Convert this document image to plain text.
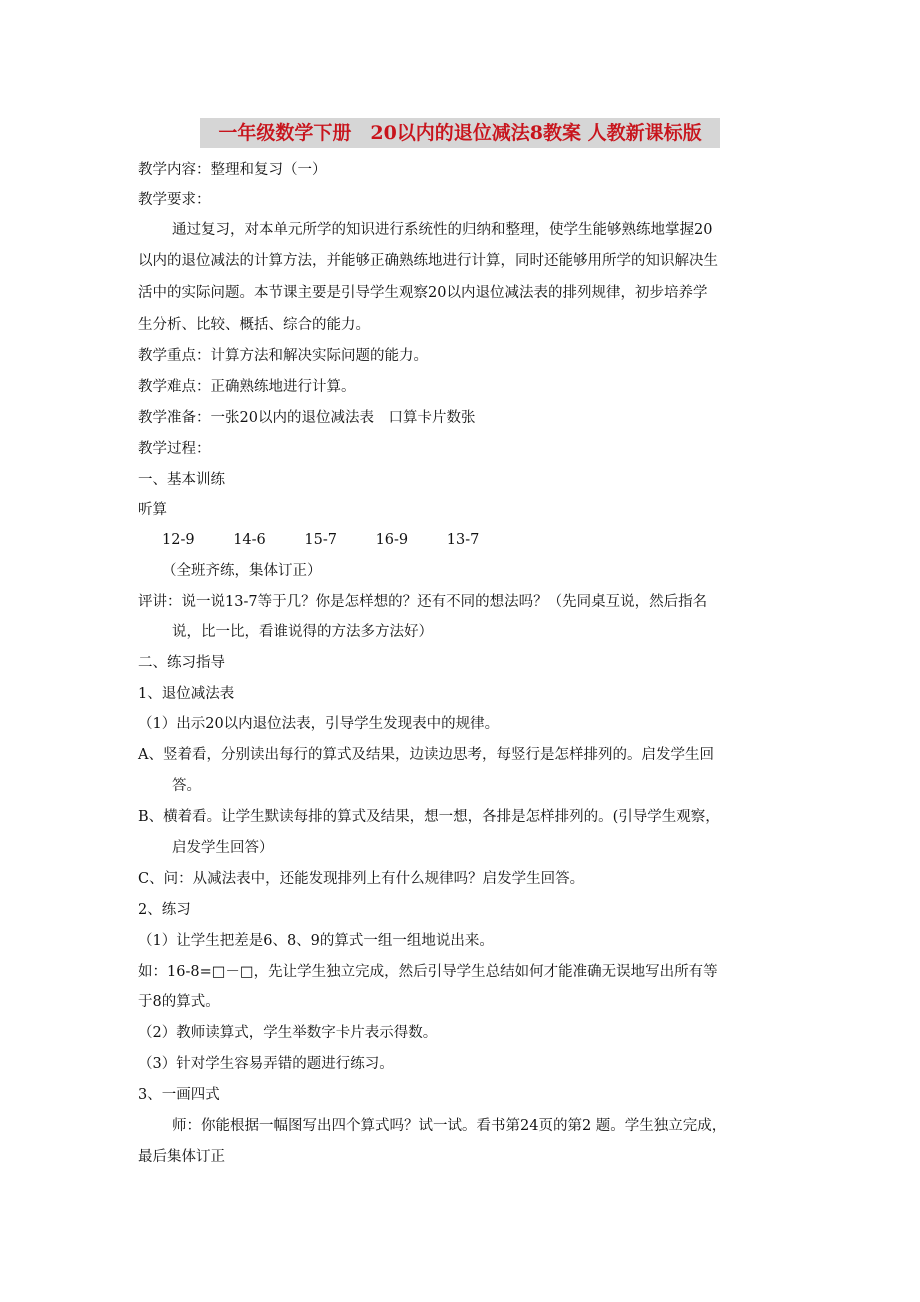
一年级数学下册　20以内的退位减法8教案 人教新课标版
教学内容：整理和复习（一）
教学要求：
通过复习，对本单元所学的知识进行系统性的归纳和整理，使学生能够熟练地掌握20
以内的退位减法的计算方法，并能够正确熟练地进行计算，同时还能够用所学的知识解决生
活中的实际问题。本节课主要是引导学生观察20以内退位减法表的排列规律，初步培养学
生分析、比较、概括、综合的能力。
教学重点：计算方法和解决实际问题的能力。
教学难点：正确熟练地进行计算。
教学准备：一张20以内的退位减法表　口算卡片数张
教学过程：
一、基本训练
听算
12-9	14-6	15-7	16-9	13-7
（全班齐练，集体订正）
评讲：说一说13-7等于几？你是怎样想的？还有不同的想法吗？（先同桌互说，然后指名
说，比一比，看谁说得的方法多方法好）
二、练习指导
1、退位减法表
（1）出示20以内退位法表，引导学生发现表中的规律。
A、竖着看，分别读出每行的算式及结果，边读边思考，每竖行是怎样排列的。启发学生回
答。
B、横着看。让学生默读每排的算式及结果，想一想，各排是怎样排列的。(引导学生观察，
启发学生回答）
C、问：从减法表中，还能发现排列上有什么规律吗？启发学生回答。
2、练习
（1）让学生把差是6、8、9的算式一组一组地说出来。
如：16-8=□－□，先让学生独立完成，然后引导学生总结如何才能准确无误地写出所有等
于8的算式。
（2）教师读算式，学生举数字卡片表示得数。
（3）针对学生容易弄错的题进行练习。
3、一画四式
师：你能根据一幅图写出四个算式吗？试一试。看书第24页的第2 题。学生独立完成，
最后集体订正
